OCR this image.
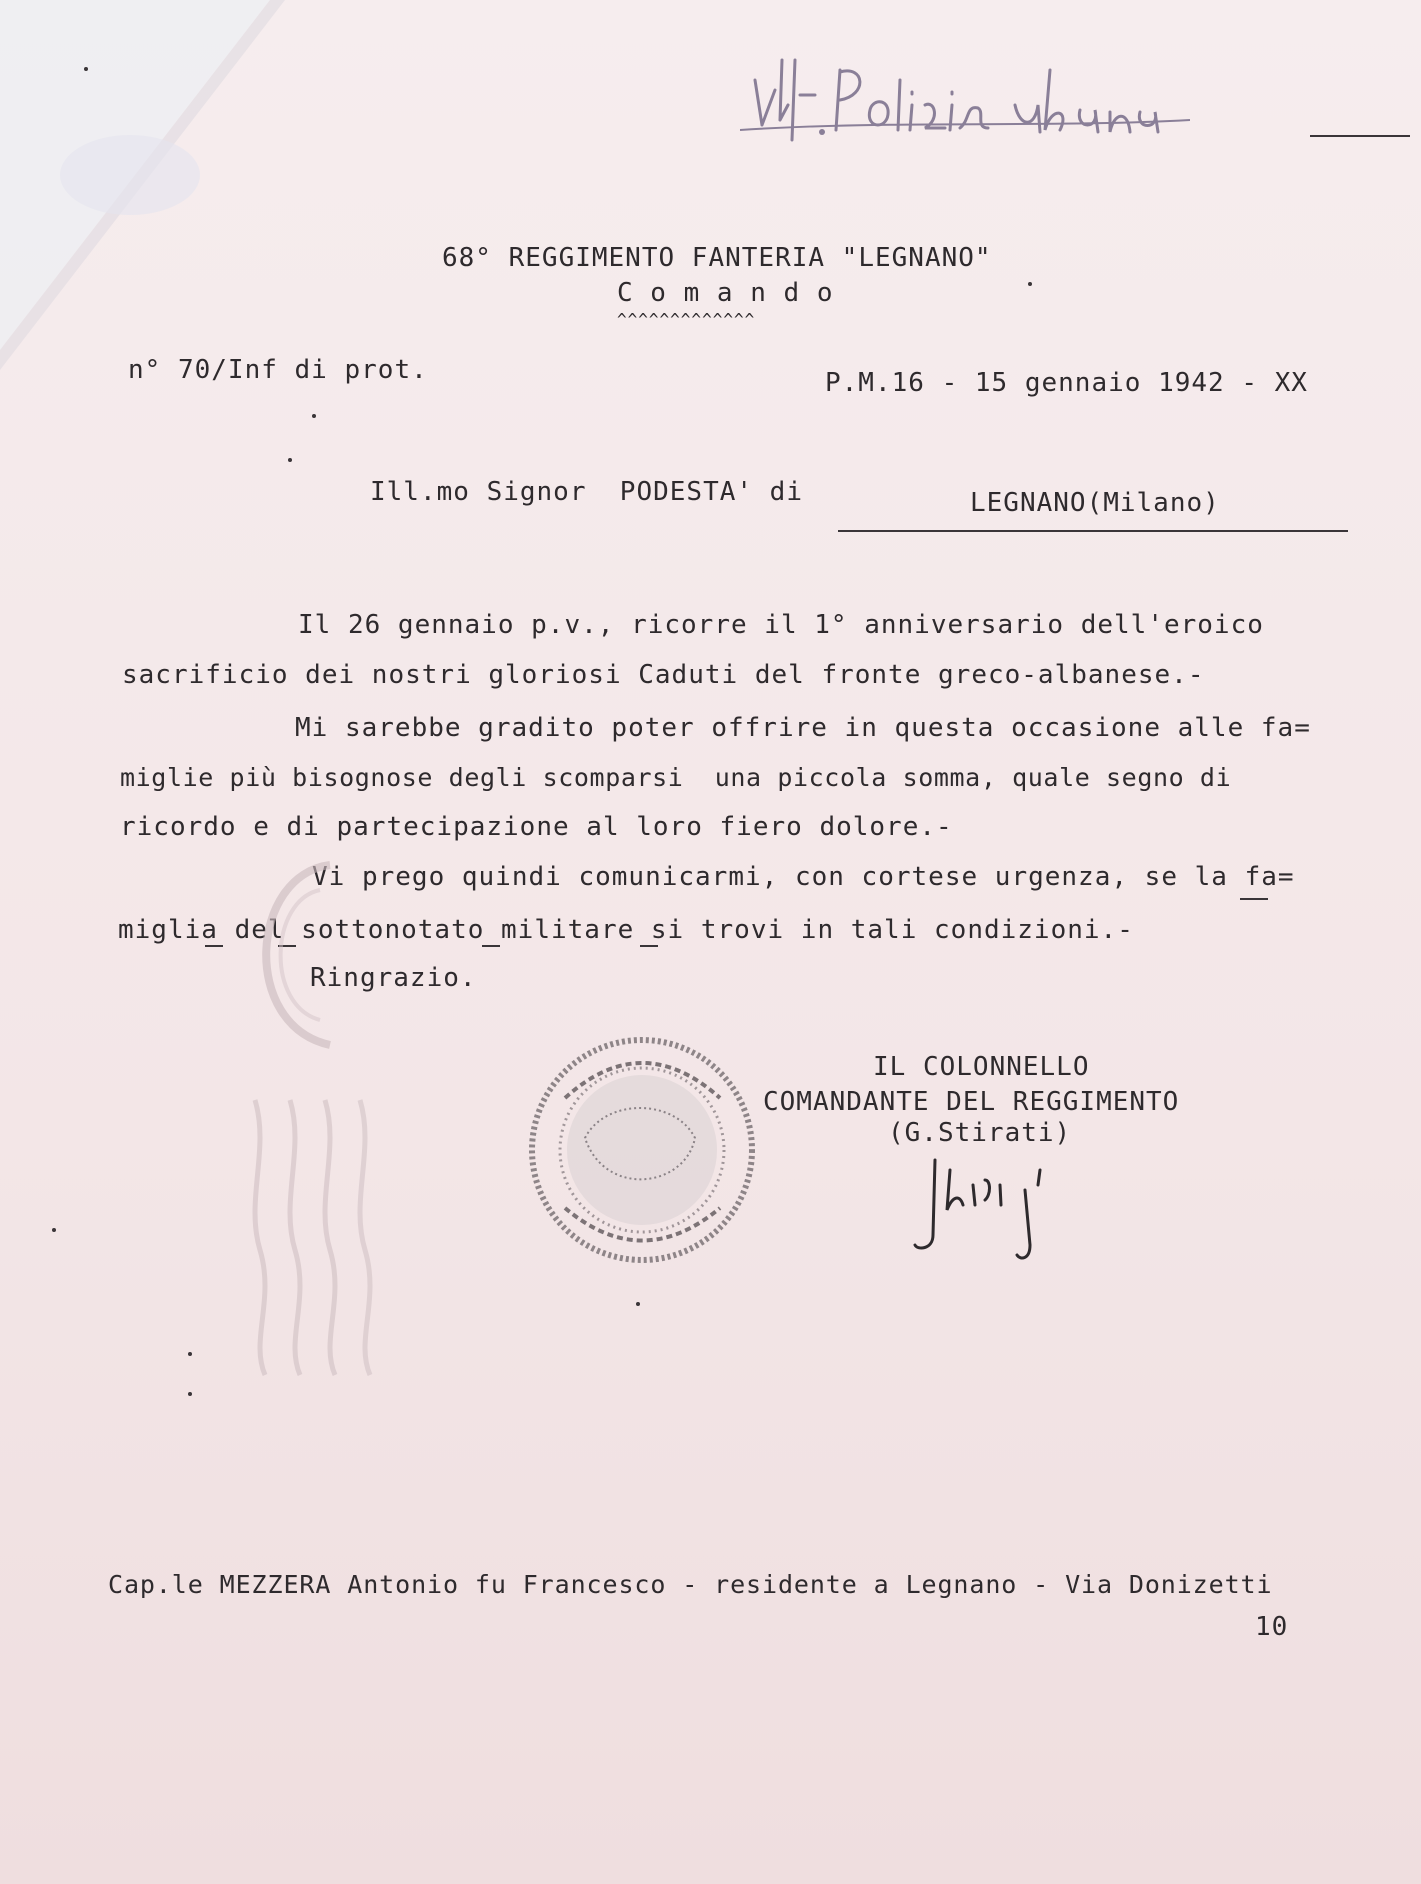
68° REGGIMENTO FANTERIA "LEGNANO"
C o m a n d o
^^^^^^^^^^^^^
n° 70/Inf di prot.	P.M.16 - 15 gennaio 1942 - XX
Ill.mo Signor  PODESTA' di	LEGNANO(Milano)
Il 26 gennaio p.v., ricorre il 1° anniversario dell'eroico
sacrificio dei nostri gloriosi Caduti del fronte greco-albanese.-
Mi sarebbe gradito poter offrire in questa occasione alle fa=
miglie più bisognose degli scomparsi  una piccola somma, quale segno di
ricordo e di partecipazione al loro fiero dolore.-
Vi prego quindi comunicarmi, con cortese urgenza, se la fa=
miglia del sottonotato militare si trovi in tali condizioni.-
Ringrazio.
IL COLONNELLO
COMANDANTE DEL REGGIMENTO
(G.Stirati)
Cap.le MEZZERA Antonio fu Francesco - residente a Legnano - Via Donizetti
10
